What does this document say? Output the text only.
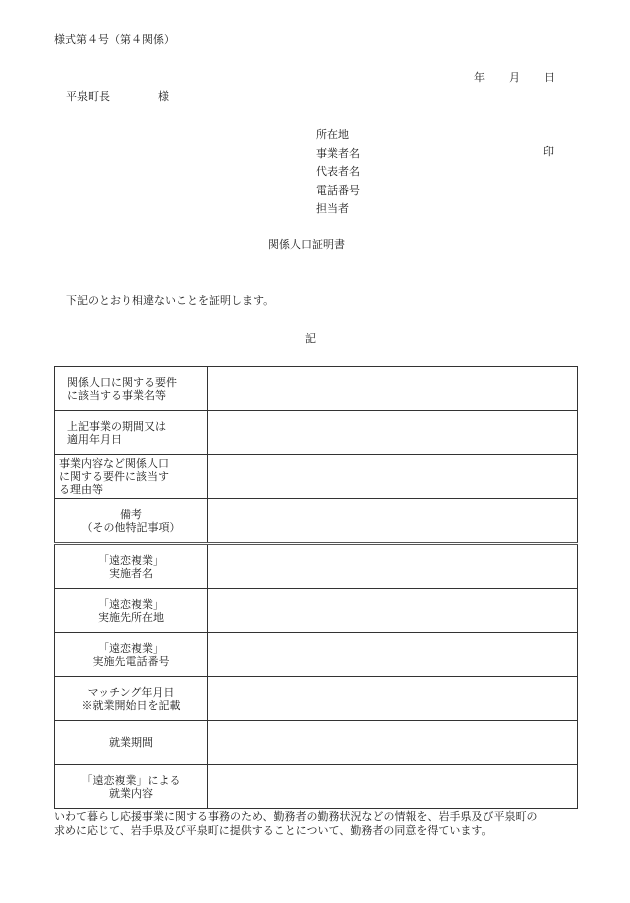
様式第４号（第４関係）
年 月 日
平泉町長	様
所在地
事業者名
代表者名
電話番号
担当者
印
関係人口証明書
下記のとおり相違ないことを証明します。
記
関係人口に関する要件
に該当する事業名等	

上記事業の期間又は
適用年月日	

事業内容など関係人口
に関する要件に該当す
る理由等	

備考
（その他特記事項）	

「遠恋複業」
実施者名	

「遠恋複業」
実施先所在地	

「遠恋複業」
実施先電話番号	

マッチング年月日
※就業開始日を記載	

就業期間	

「遠恋複業」による
就業内容	

いわて暮らし応援事業に関する事務のため、勤務者の勤務状況などの情報を、岩手県及び平泉町の
求めに応じて、岩手県及び平泉町に提供することについて、勤務者の同意を得ています。
